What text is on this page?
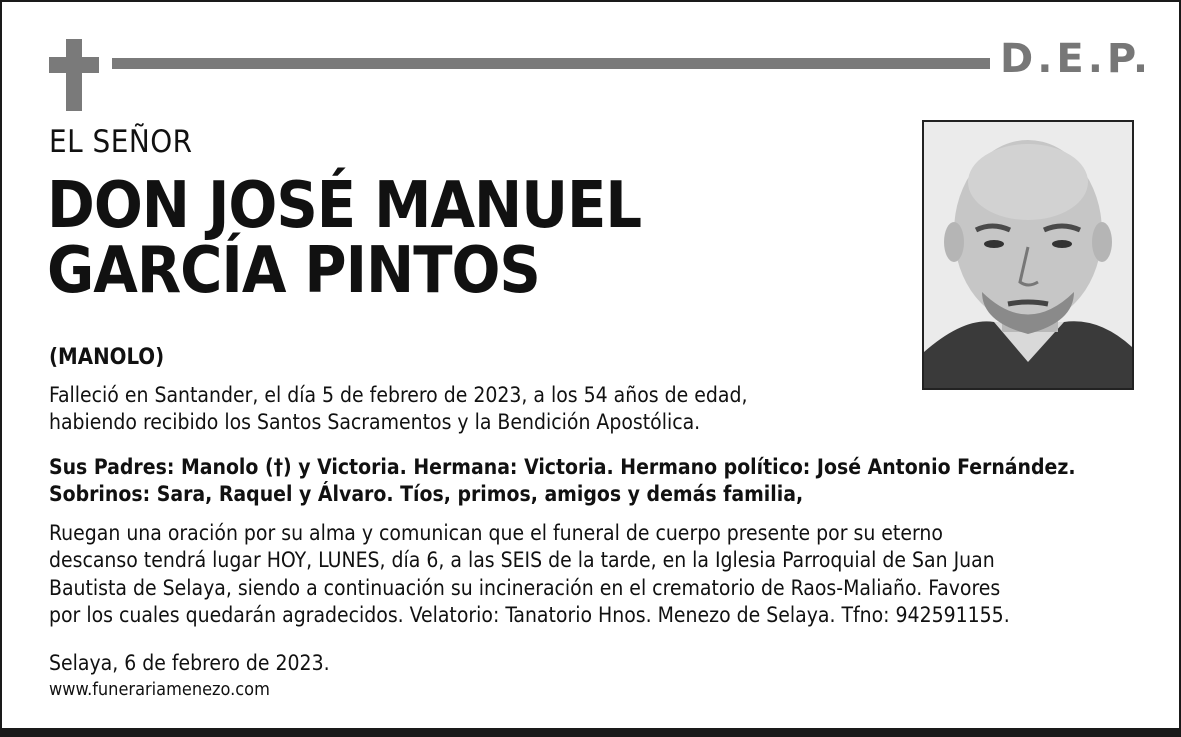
D.E.P.
EL SEÑOR
DON JOSÉ MANUEL
GARCÍA PINTOS
(MANOLO)
Falleció en Santander, el día 5 de febrero de 2023, a los 54 años de edad,
habiendo recibido los Santos Sacramentos y la Bendición Apostólica.
Sus Padres: Manolo (†) y Victoria. Hermana: Victoria. Hermano político: José Antonio Fernández.
Sobrinos: Sara, Raquel y Álvaro. Tíos, primos, amigos y demás familia,
Ruegan una oración por su alma y comunican que el funeral de cuerpo presente por su eterno
descanso tendrá lugar HOY, LUNES, día 6, a las SEIS de la tarde, en la Iglesia Parroquial de San Juan
Bautista de Selaya, siendo a continuación su incineración en el crematorio de Raos-Maliaño. Favores
por los cuales quedarán agradecidos. Velatorio: Tanatorio Hnos. Menezo de Selaya. Tfno: 942591155.
Selaya, 6 de febrero de 2023.
www.funerariamenezo.com
